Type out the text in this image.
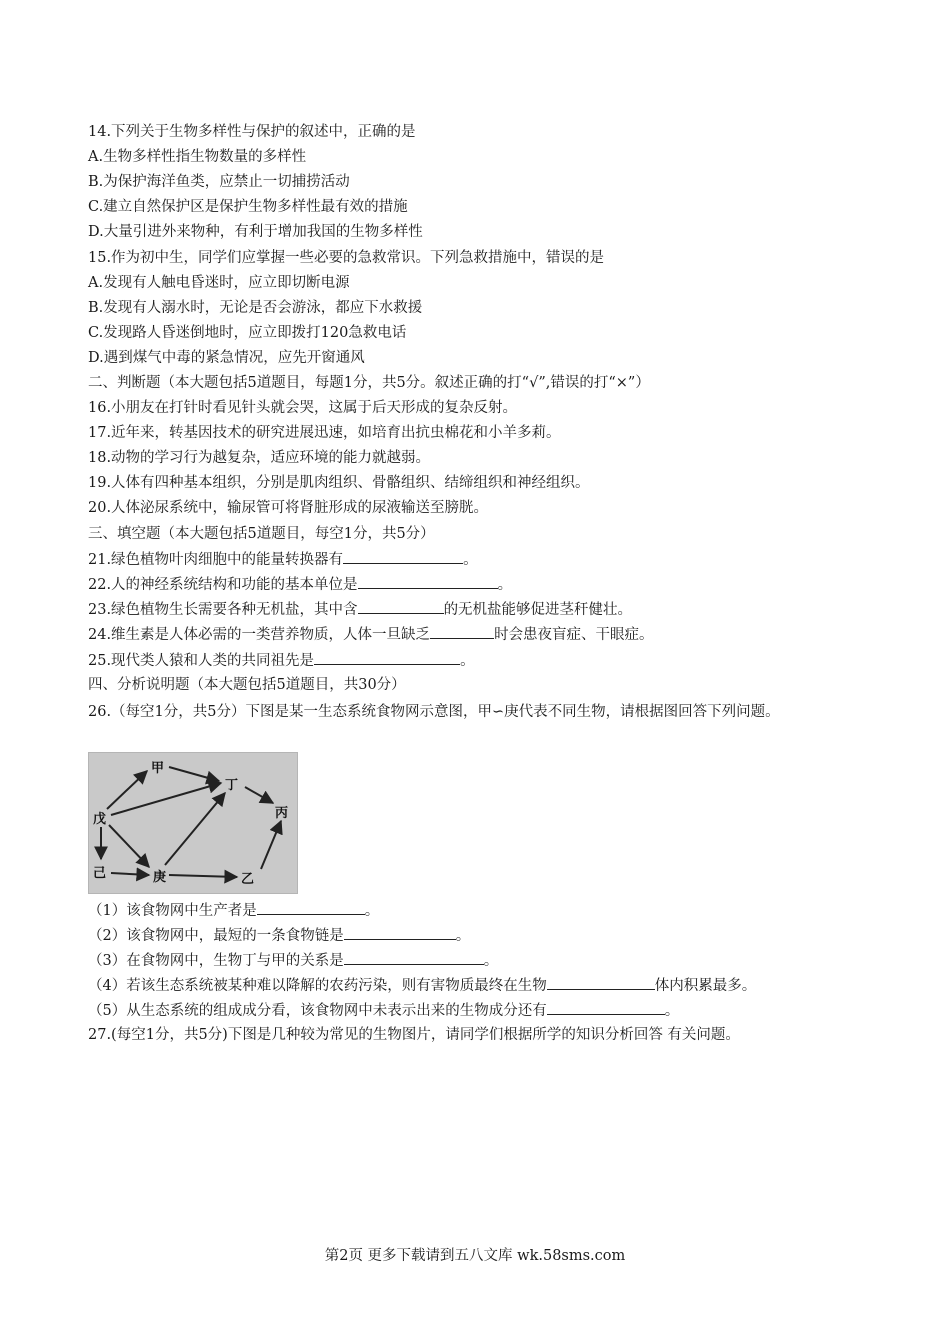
14.下列关于生物多样性与保护的叙述中，正确的是
A.生物多样性指生物数量的多样性
B.为保护海洋鱼类，应禁止一切捕捞活动
C.建立自然保护区是保护生物多样性最有效的措施
D.大量引进外来物种，有利于增加我国的生物多样性
15.作为初中生，同学们应掌握一些必要的急救常识。下列急救措施中，错误的是
A.发现有人触电昏迷时，应立即切断电源
B.发现有人溺水时，无论是否会游泳，都应下水救援
C.发现路人昏迷倒地时，应立即拨打120急救电话
D.遇到煤气中毒的紧急情况，应先开窗通风
二、判断题（本大题包括5道题目，每题1分，共5分。叙述正确的打“√”,错误的打“×”）
16.小朋友在打针时看见针头就会哭，这属于后天形成的复杂反射。
17.近年来，转基因技术的研究进展迅速，如培育出抗虫棉花和小羊多莉。
18.动物的学习行为越复杂，适应环境的能力就越弱。
19.人体有四种基本组织，分别是肌肉组织、骨骼组织、结缔组织和神经组织。
20.人体泌尿系统中，输尿管可将肾脏形成的尿液输送至膀胱。
三、填空题（本大题包括5道题目，每空1分，共5分）
21.绿色植物叶肉细胞中的能量转换器有	。
22.人的神经系统结构和功能的基本单位是	。
23.绿色植物生长需要各种无机盐，其中含	的无机盐能够促进茎秆健壮。
24.维生素是人体必需的一类营养物质，人体一旦缺乏	时会患夜盲症、干眼症。
25.现代类人猿和人类的共同祖先是	。
四、分析说明题（本大题包括5道题目，共30分）
26.（每空1分，共5分）下图是某一生态系统食物网示意图，甲∽庚代表不同生物，请根据图回答下列问题。
（1）该食物网中生产者是	。
（2）该食物网中，最短的一条食物链是	。
（3）在食物网中，生物丁与甲的关系是	。
（4）若该生态系统被某种难以降解的农药污染，则有害物质最终在生物	体内积累最多。
（5）从生态系统的组成成分看，该食物网中未表示出来的生物成分还有	。
27.(每空1分，共5分)下图是几种较为常见的生物图片，请同学们根据所学的知识分析回答 有关问题。
甲
丁
丙
戊
己	庚	乙
第2页 更多下载请到五八文库 wk.58sms.com
